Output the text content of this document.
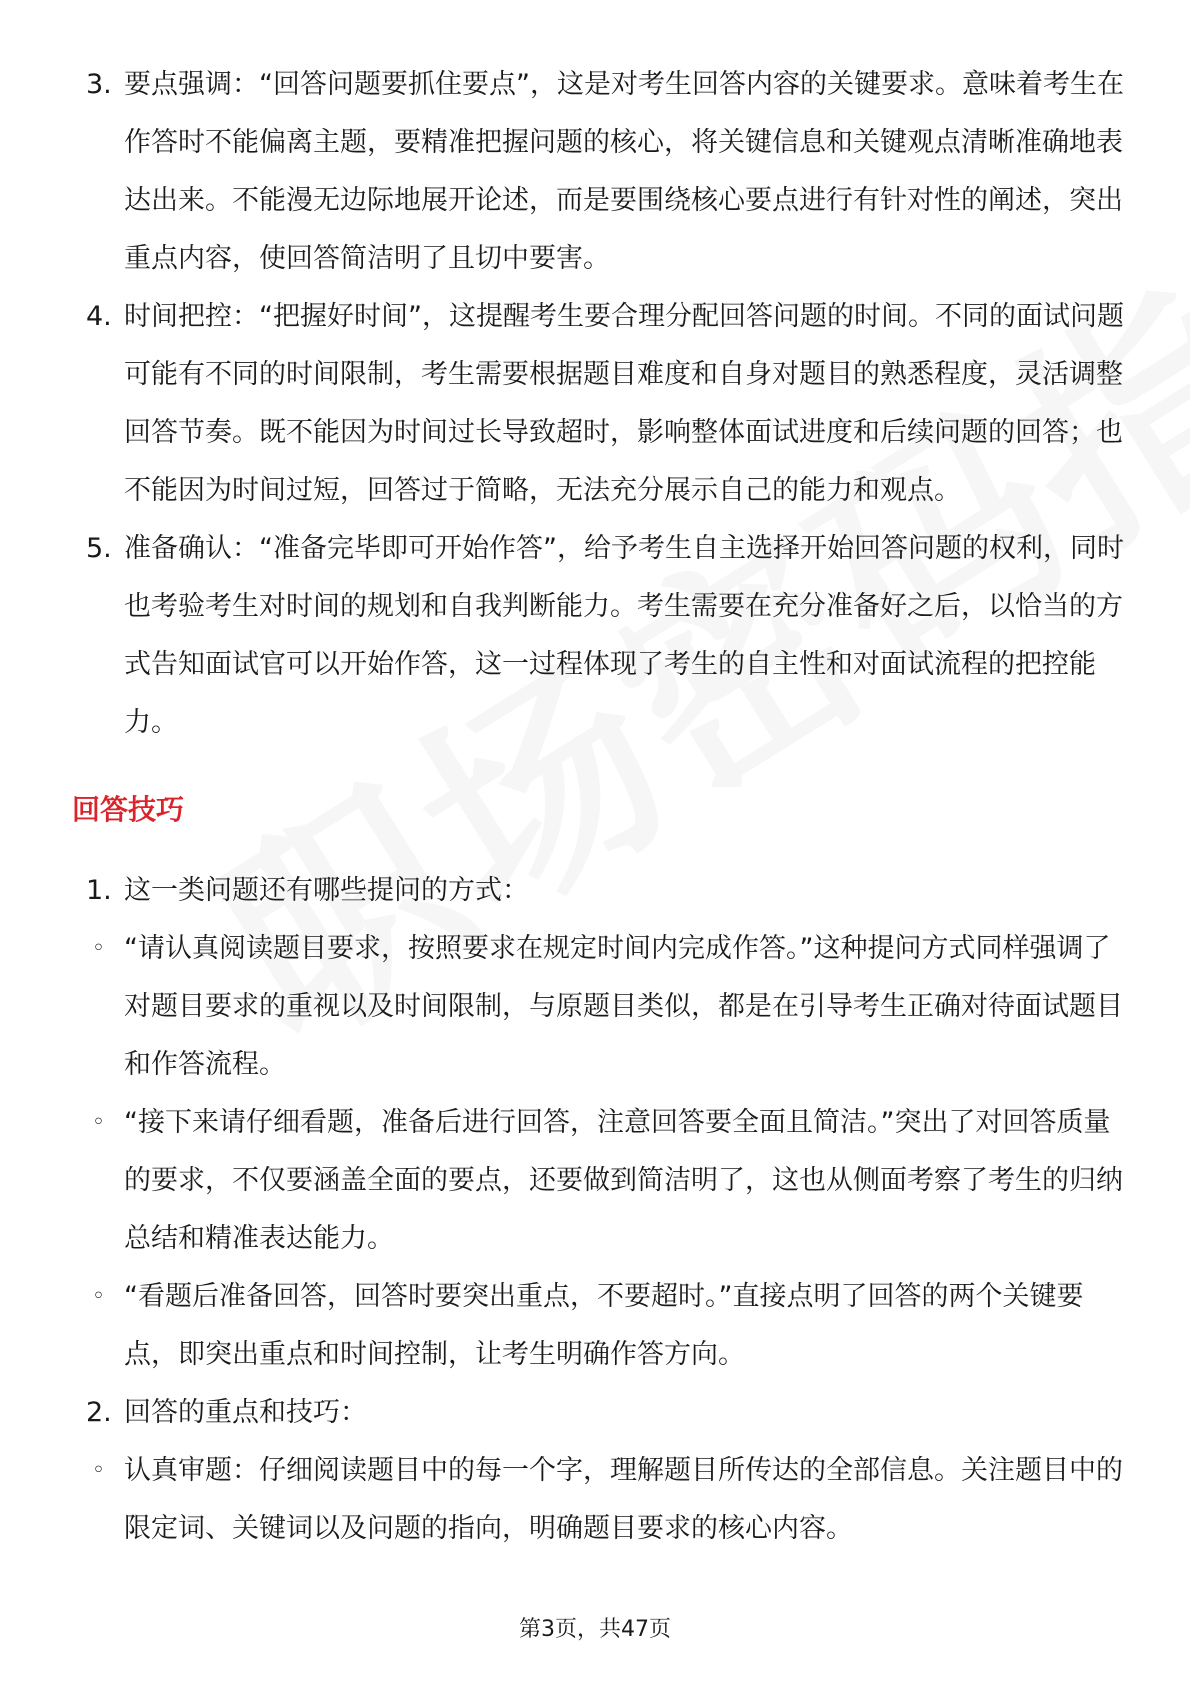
3. 要点强调：“回答问题要抓住要点”，这是对考生回答内容的关键要求。意味着考生在作答时不能偏离主题，要精准把握问题的核心，将关键信息和关键观点清晰准确地表达出来。不能漫无边际地展开论述，而是要围绕核心要点进行有针对性的阐述，突出重点内容，使回答简洁明了且切中要害。
4. 时间把控：“把握好时间”，这提醒考生要合理分配回答问题的时间。不同的面试问题可能有不同的时间限制，考生需要根据题目难度和自身对题目的熟悉程度，灵活调整回答节奏。既不能因为时间过长导致超时，影响整体面试进度和后续问题的回答；也不能因为时间过短，回答过于简略，无法充分展示自己的能力和观点。
5. 准备确认：“准备完毕即可开始作答”，给予考生自主选择开始回答问题的权利，同时也考验考生对时间的规划和自我判断能力。考生需要在充分准备好之后，以恰当的方式告知面试官可以开始作答，这一过程体现了考生的自主性和对面试流程的把控能力。
回答技巧
1. 这一类问题还有哪些提问的方式：
◦ “请认真阅读题目要求，按照要求在规定时间内完成作答。”这种提问方式同样强调了对题目要求的重视以及时间限制，与原题目类似，都是在引导考生正确对待面试题目和作答流程。
◦ “接下来请仔细看题，准备后进行回答，注意回答要全面且简洁。”突出了对回答质量的要求，不仅要涵盖全面的要点，还要做到简洁明了，这也从侧面考察了考生的归纳总结和精准表达能力。
◦ “看题后准备回答，回答时要突出重点，不要超时。”直接点明了回答的两个关键要点，即突出重点和时间控制，让考生明确作答方向。
2. 回答的重点和技巧：
◦ 认真审题：仔细阅读题目中的每一个字，理解题目所传达的全部信息。关注题目中的限定词、关键词以及问题的指向，明确题目要求的核心内容。
第3页，共47页
